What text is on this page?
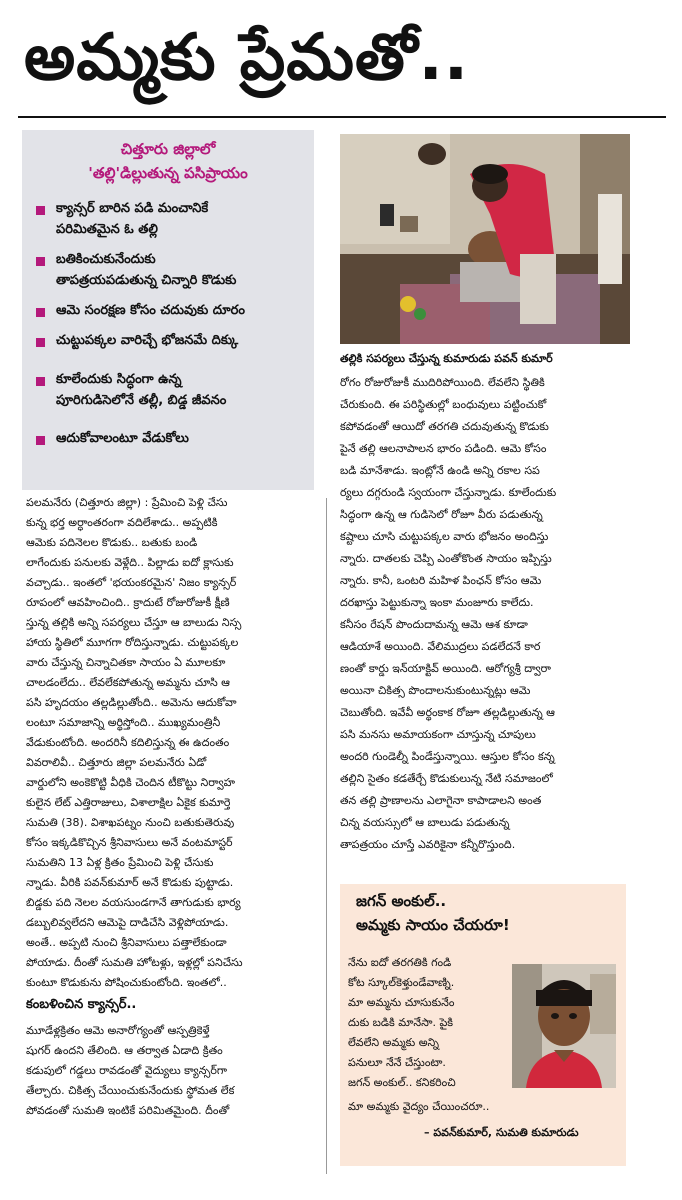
అమ్మకు ప్రేమతో..
చిత్తూరు జిల్లాలో
'తల్లి'డిల్లుతున్న పసిప్రాయం
క్యాన్సర్ బారిన పడి మంచానికే
పరిమితమైన ఓ తల్లి
బతికించుకునేందుకు
తాపత్రయపడుతున్న చిన్నారి కొడుకు
ఆమె సంరక్షణ కోసం చదువుకు దూరం
చుట్టుపక్కల వారిచ్చే భోజనమే దిక్కు
కూలేందుకు సిద్ధంగా ఉన్న
పూరిగుడిసెలోనే తల్లీ, బిడ్డ జీవనం
ఆదుకోవాలంటూ వేడుకోలు
తల్లికి సపర్యలు చేస్తున్న కుమారుడు పవన్ కుమార్
పలమనేరు (చిత్తూరు జిల్లా) : ప్రేమించి పెళ్లి చేసు
కున్న భర్త అర్ధాంతరంగా వదిలేశాడు.. అప్పటికి
ఆమెకు పదినెలల కొడుకు.. బతుకు బండి
లాగేందుకు పనులకు వెళ్లేది.. పిల్లాడు ఐదో క్లాసుకు
వచ్చాడు.. ఇంతలో 'భయంకరమైన' నిజం క్యాన్సర్
రూపంలో ఆవహించింది.. క్రాదుటే రోజురోజుకీ క్షీణి
స్తున్న తల్లికి అన్ని సపర్యలు చేస్తూ ఆ బాలుడు నిస్స
హాయ స్థితిలో మూగగా రోదిస్తున్నాడు. చుట్టుపక్కల
వారు చేస్తున్న చిన్నాచితకా సాయం ఏ మూలకూ
చాలడంలేదు.. లేవలేకపోతున్న అమ్మను చూసి ఆ
పసి హృదయం తల్లడిల్లుతోంది.. అమెను ఆదుకోవా
లంటూ సమాజాన్ని అర్థిస్తోంది.. ముఖ్యమంత్రినీ
వేడుకుంటోంది. అందరినీ కదిలిస్తున్న ఈ ఉదంతం
వివరాలివీ.. చిత్తూరు జిల్లా పలమనేరు ఏడో
వార్డులోని అంకెకొట్టి వీధికి చెందిన టీకొట్టు నిర్వాహ
కులైన లేట్ ఎత్తిరాజులు, విశాలాక్షిల ఏకైక కుమార్తె
సుమతి (38). విశాఖపట్నం నుంచి బతుకుతెరువు
కోసం ఇక్కడికొచ్చిన శ్రీనివాసులు అనే వంటమాస్టర్
సుమతిని 13 ఏళ్ల క్రితం ప్రేమించి పెళ్లి చేసుకు
న్నాడు. వీరికి పవన్‌కుమార్ అనే కొడుకు పుట్టాడు.
బిడ్డకు పది నెలల వయసుండగానే తాగుడుకు భార్య
డబ్బులివ్వలేదని ఆమెపై దాడిచేసి వెళ్లిపోయాడు.
అంతే.. అప్పటి నుంచి శ్రీనివాసులు పత్తాలేకుండా
పోయాడు. దీంతో సుమతి హోటళ్లు, ఇళ్లల్లో పనిచేసు
కుంటూ కొడుకును పోషించుకుంటోంది. ఇంతలో..
కంబళించిన క్యాన్సర్..
మూడేళ్లక్రితం ఆమె అనారోగ్యంతో ఆస్పత్రికెళ్తే
షుగర్ ఉందని తేలింది. ఆ తర్వాత ఏడాది క్రితం
కడుపులో గడ్డలు రావడంతో వైద్యులు క్యాన్సర్‌గా
తేల్చారు. చికిత్స చేయించుకునేందుకు స్థోమత లేక
పోవడంతో సుమతి ఇంటికే పరిమితమైంది. దీంతో
రోగం రోజురోజుకీ ముదిరిపోయింది. లేవలేని స్థితికి
చేరుకుంది. ఈ పరిస్థితుల్లో బంధువులు పట్టించుకో
కపోవడంతో ఆయిదో తరగతి చదువుతున్న కొడుకు
పైనే తల్లి ఆలనాపాలన భారం పడింది. ఆమె కోసం
బడి మానేశాడు. ఇంట్లోనే ఉండి అన్ని రకాల సప
ర్యలు దగ్గరుండి స్వయంగా చేస్తున్నాడు. కూలేందుకు
సిద్ధంగా ఉన్న ఆ గుడిసెలో రోజూ వీరు పడుతున్న
కష్టాలు చూసి చుట్టుపక్కల వారు భోజనం అందిస్తు
న్నారు. దాతలకు చెప్పి ఎంతోకొంత సాయం ఇప్పిస్తు
న్నారు. కానీ, ఒంటరి మహిళ పింఛన్ కోసం ఆమె
దరఖాస్తు పెట్టుకున్నా ఇంకా మంజూరు కాలేదు.
కనీసం రేషన్ పొందుదామన్న ఆమె ఆశ కూడా
ఆడియాశే అయింది. వేలిముద్రలు పడలేదనే కార
ణంతో కార్డు ఇన్‌యాక్టివ్ అయింది. ఆరోగ్యశ్రీ ద్వారా
అయినా చికిత్స పొందాలనుకుంటున్నట్లు ఆమె
చెబుతోంది. ఇవేవీ అర్థంకాక రోజూ తల్లడిల్లుతున్న ఆ
పసి మనసు అమాయకంగా చూస్తున్న చూపులు
అందరి గుండెల్నీ పిండేస్తున్నాయి. ఆస్తుల కోసం కన్న
తల్లిని సైతం కడతేర్చే కొడుకులున్న నేటి సమాజంలో
తన తల్లి ప్రాణాలను ఎలాగైనా కాపాడాలని అంత
చిన్న వయస్సులో ఆ బాలుడు పడుతున్న
తాపత్రయం చూస్తే ఎవరికైనా కన్నీరొస్తుంది.
జగన్ అంకుల్..
అమ్మకు సాయం చేయరూ!
నేను ఐదో తరగతికి గండి
కోట స్కూల్‌కెళ్తుండేవాణ్ని.
మా అమ్మను చూసుకునేం
దుకు బడికి మానేసా. పైకి
లేవలేని అమ్మకు అన్ని
పనులూ నేనే చేస్తుంటా.
జగన్ అంకుల్.. కనికరించి
మా అమ్మకు వైద్యం చేయించరూ..
– పవన్‌కుమార్, సుమతి కుమారుడు
